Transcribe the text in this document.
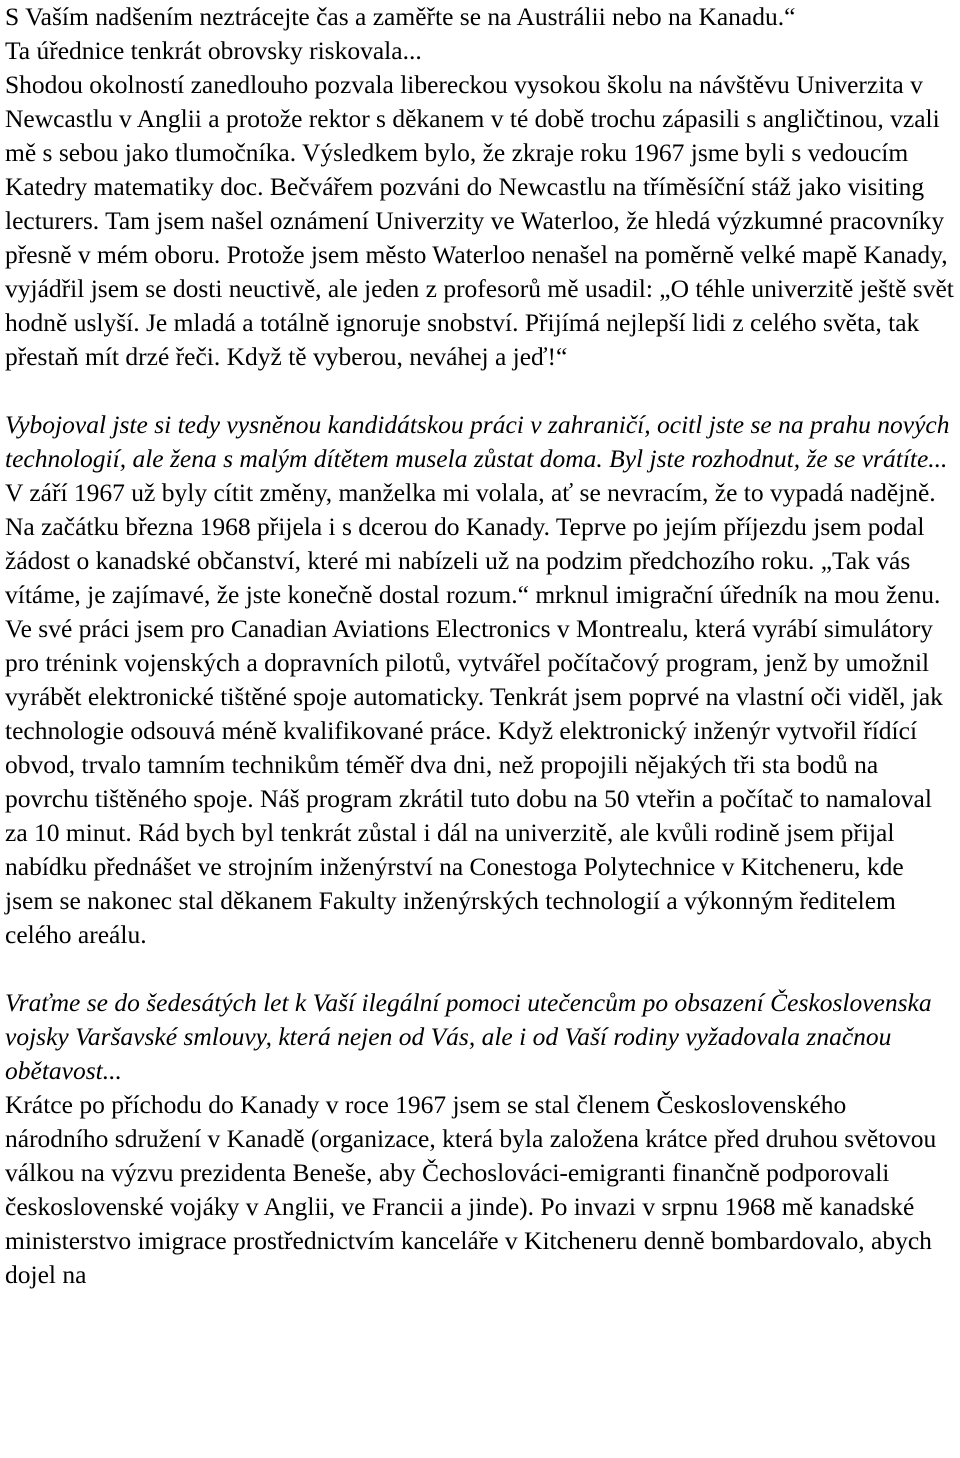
S Vaším nadšením neztrácejte čas a zaměřte se na Austrálii nebo na Kanadu.“

Ta úřednice tenkrát obrovsky riskovala...

Shodou okolností zanedlouho pozvala libereckou vysokou školu na návštěvu Univerzita v Newcastlu v Anglii a protože rektor s děkanem v té době trochu zápasili s angličtinou, vzali mě s sebou jako tlumočníka. Výsledkem bylo, že zkraje roku 1967 jsme byli s vedoucím Katedry matematiky doc. Bečvářem pozváni do Newcastlu na tříměsíční stáž jako visiting lecturers. Tam jsem našel oznámení Univerzity ve Waterloo, že hledá výzkumné pracovníky přesně v mém oboru. Protože jsem město Waterloo nenašel na poměrně velké mapě Kanady, vyjádřil jsem se dosti neuctivě, ale jeden z profesorů mě usadil: „O téhle univerzitě ještě svět hodně uslyší. Je mladá a totálně ignoruje snobství. Přijímá nejlepší lidi z celého světa, tak přestaň mít drzé řeči. Když tě vyberou, neváhej a jeď!“

Vybojoval jste si tedy vysněnou kandidátskou práci v zahraničí, ocitl jste se na prahu nových technologií, ale žena s malým dítětem musela zůstat doma. Byl jste rozhodnut, že se vrátíte...

V září 1967 už byly cítit změny, manželka mi volala, ať se nevracím, že to vypadá nadějně. Na začátku března 1968 přijela i s dcerou do Kanady. Teprve po jejím příjezdu jsem podal žádost o kanadské občanství, které mi nabízeli už na podzim předchozího roku. „Tak vás vítáme, je zajímavé, že jste konečně dostal rozum.“ mrknul imigrační úředník na mou ženu.

Ve své práci jsem pro Canadian Aviations Electronics v Montrealu, která vyrábí simulátory pro trénink vojenských a dopravních pilotů, vytvářel počítačový program, jenž by umožnil vyrábět elektronické tištěné spoje automaticky. Tenkrát jsem poprvé na vlastní oči viděl, jak technologie odsouvá méně kvalifikované práce. Když elektronický inženýr vytvořil řídící obvod, trvalo tamním technikům téměř dva dni, než propojili nějakých tři sta bodů na povrchu tištěného spoje. Náš program zkrátil tuto dobu na 50 vteřin a počítač to namaloval za 10 minut. Rád bych byl tenkrát zůstal i dál na univerzitě, ale kvůli rodině jsem přijal nabídku přednášet ve strojním inženýrství na Conestoga Polytechnice v Kitcheneru, kde jsem se nakonec stal děkanem Fakulty inženýrských technologií a výkonným ředitelem celého areálu.

Vraťme se do šedesátých let k Vaší ilegální pomoci utečencům po obsazení Československa vojsky Varšavské smlouvy, která nejen od Vás, ale i od Vaší rodiny vyžadovala značnou obětavost...

Krátce po příchodu do Kanady v roce 1967 jsem se stal členem Československého národního sdružení v Kanadě (organizace, která byla založena krátce před druhou světovou válkou na výzvu prezidenta Beneše, aby Čechoslováci-emigranti finančně podporovali československé vojáky v Anglii, ve Francii a jinde). Po invazi v srpnu 1968 mě kanadské ministerstvo imigrace prostřednictvím kanceláře v Kitcheneru denně bombardovalo, abych dojel na
